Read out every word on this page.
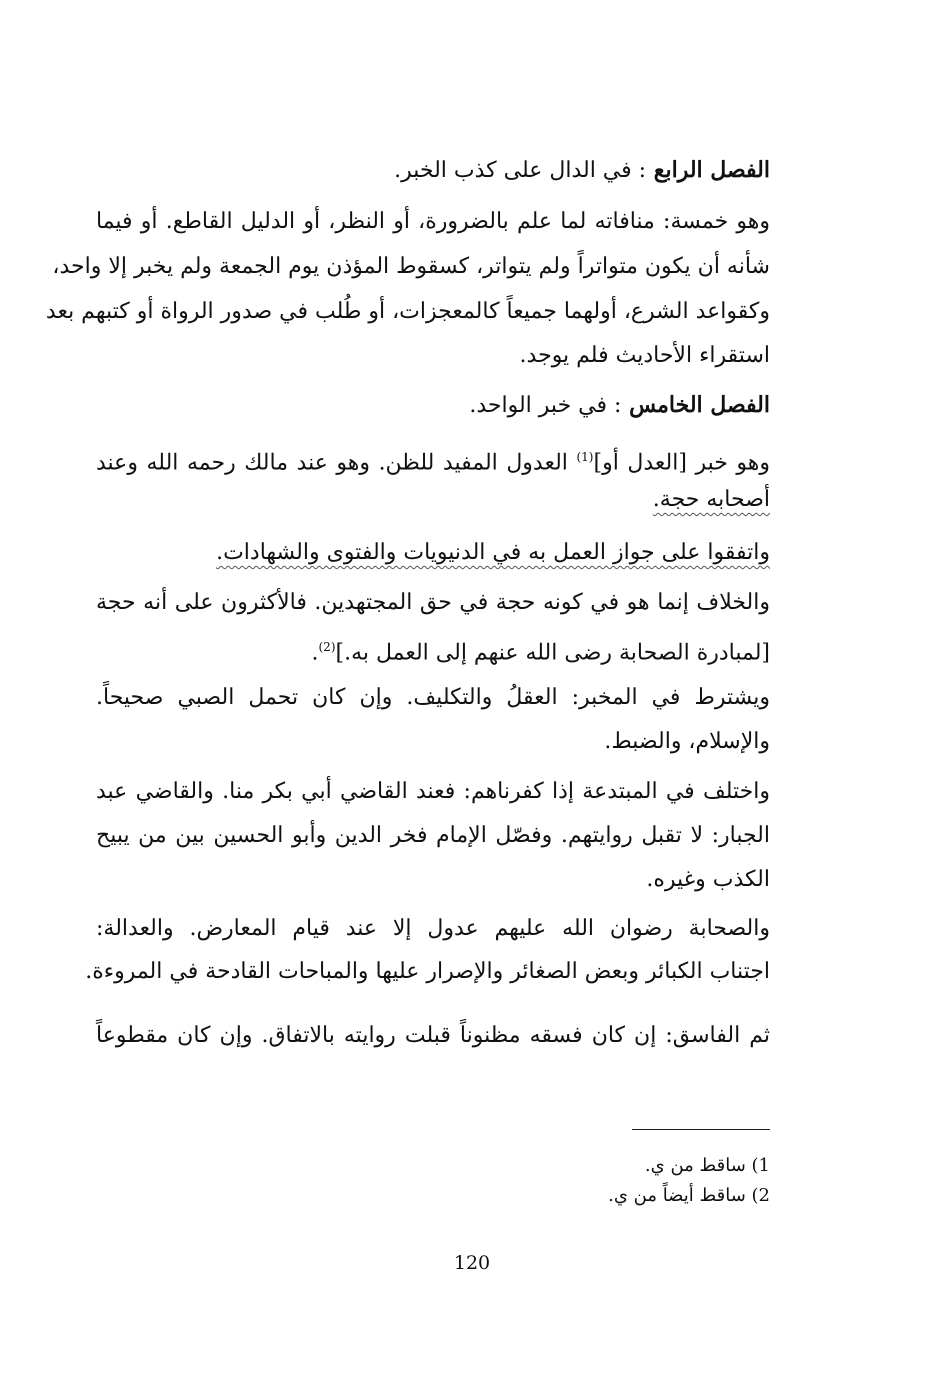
الفصل الرابع : في الدال على كذب الخبر.

وهو خمسة: منافاته لما علم بالضرورة، أو النظر، أو الدليل القاطع. أو فيما

شأنه أن يكون متواتراً ولم يتواتر، كسقوط المؤذن يوم الجمعة ولم يخبر إلا واحد،

وكقواعد الشرع، أولهما جميعاً كالمعجزات، أو طُلب في صدور الرواة أو كتبهم بعد

استقراء الأحاديث فلم يوجد.

الفصل الخامس : في خبر الواحد.

وهو خبر [العدل أو]$^{(1)}$ العدول المفيد للظن. وهو عند مالك رحمه الله وعند

أصحابه حجة.

واتفقوا على جواز العمل به في الدنيويات والفتوى والشهادات.

والخلاف إنما هو في كونه حجة في حق المجتهدين. فالأكثرون على أنه حجة

[لمبادرة الصحابة رضى الله عنهم إلى العمل به.]$^{(2)}$.

ويشترط في المخبر: العقلُ والتكليف. وإن كان تحمل الصبي صحيحاً.

والإسلام، والضبط.

واختلف في المبتدعة إذا كفرناهم: فعند القاضي أبي بكر منا. والقاضي عبد

الجبار: لا تقبل روايتهم. وفصّل الإمام فخر الدين وأبو الحسين بين من يبيح

الكذب وغيره.

والصحابة رضوان الله عليهم عدول إلا عند قيام المعارض. والعدالة:

اجتناب الكبائر وبعض الصغائر والإصرار عليها والمباحات القادحة في المروءة.

ثم الفاسق: إن كان فسقه مظنوناً قبلت روايته بالاتفاق. وإن كان مقطوعاً

1) ساقط من ي.

2) ساقط أيضاً من ي.

120
